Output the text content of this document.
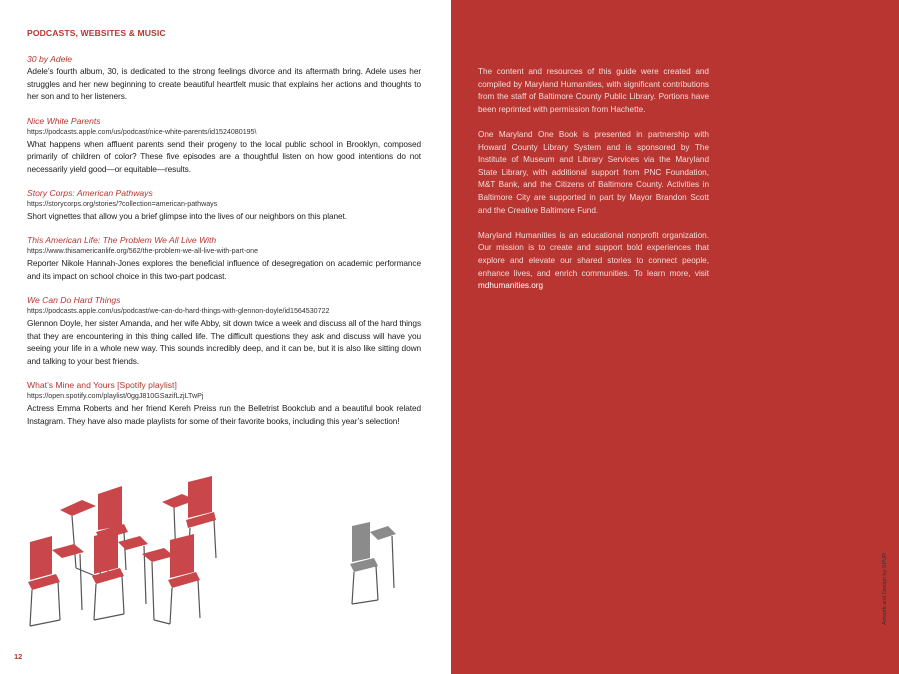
PODCASTS, WEBSITES & MUSIC
30 by Adele
Adele’s fourth album, 30, is dedicated to the strong feelings divorce and its aftermath bring. Adele uses her struggles and her new beginning to create beautiful heartfelt music that explains her actions and thoughts to her son and to her listeners.
Nice White Parents
https://podcasts.apple.com/us/podcast/nice-white-parents/id1524080195\
What happens when affluent parents send their progeny to the local public school in Brooklyn, composed primarily of children of color? These five episodes are a thoughtful listen on how good intentions do not necessarily yield good—or equitable—results.
Story Corps: American Pathways
https://storycorps.org/stories/?collection=american-pathways
Short vignettes that allow you a brief glimpse into the lives of our neighbors on this planet.
This American Life: The Problem We All Live With
https://www.thisamericanlife.org/562/the-problem-we-all-live-with-part-one
Reporter Nikole Hannah-Jones explores the beneficial influence of desegregation on academic performance and its impact on school choice in this two-part podcast.
We Can Do Hard Things
https://podcasts.apple.com/us/podcast/we-can-do-hard-things-with-glennon-doyle/id1564530722
Glennon Doyle, her sister Amanda, and her wife Abby, sit down twice a week and discuss all of the hard things that they are encountering in this thing called life. The difficult questions they ask and discuss will have you seeing your life in a whole new way. This sounds incredibly deep, and it can be, but it is also like sitting down and talking to your best friends.
What’s Mine and Yours [Spotify playlist]
https://open.spotify.com/playlist/0ggJ810GSazifLzjLTwPj
Actress Emma Roberts and her friend Kereh Preiss run the Belletrist Bookclub and a beautiful book related Instagram. They have also made playlists for some of their favorite books, including this year’s selection!
12

The content and resources of this guide were created and compiled by Maryland Humanities, with significant contributions from the staff of Baltimore County Public Library. Portions have been reprinted with permission from Hachette.

One Maryland One Book is presented in partnership with Howard County Library System and is sponsored by The Institute of Museum and Library Services via the Maryland State Library, with additional support from PNC Foundation, M&T Bank, and the Citizens of Baltimore County. Activities in Baltimore City are supported in part by Mayor Brandon Scott and the Creative Baltimore Fund.

Maryland Humanities is an educational nonprofit organization. Our mission is to create and support bold experiences that explore and elevate our shared stories to connect people, enhance lives, and enrich communities. To learn more, visit mdhumanities.org

Artwork and Design by SPUR
